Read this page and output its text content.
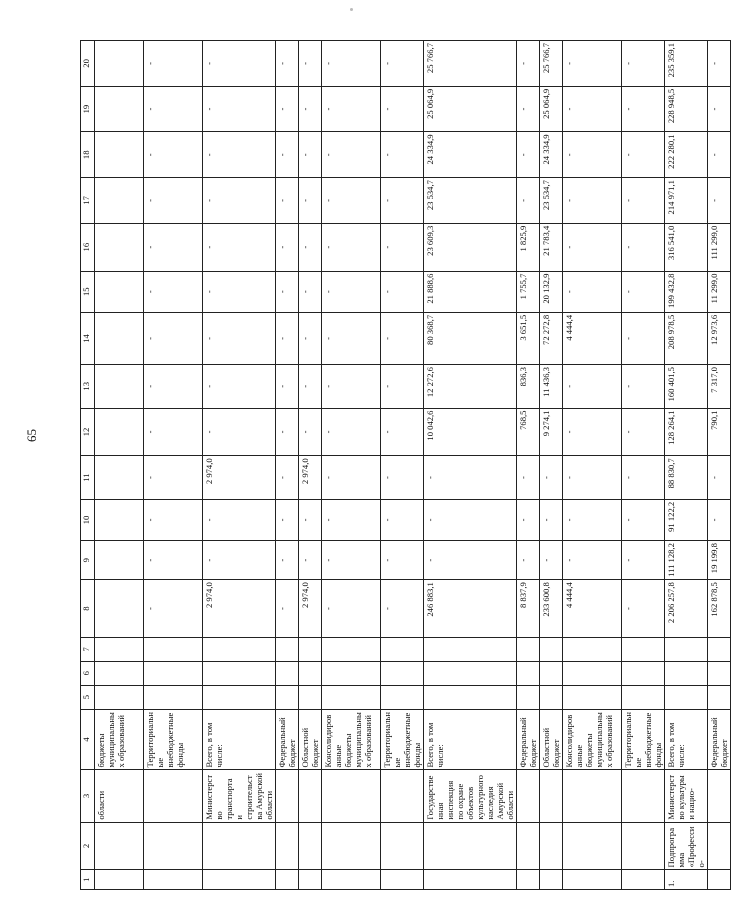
65
1	2	3	4	5	6	7	8	9	10	11	12	13	14	15	16	17	18	19	20
		области	бюджеты муниципальных образований																
			Территориальные внебюджетные фонды				-	-	-	-	-	-	-	-	-	-	-	-	-
		Министерство транспорта и строительства Амурской области	Всего, в том числе:				2 974,0	-	-	2 974,0	-	-	-	-	-	-	-	-	-
			Федеральный бюджет				-	-	-	-	-	-	-	-	-	-	-	-	-
			Областной бюджет				2 974,0	-	-	2 974,0	-	-	-	-	-	-	-	-	-
			Консолидированные бюджеты муниципальных образований				-	-	-	-	-	-	-	-	-	-	-	-	-
			Территориальные внебюджетные фонды				-	-	-	-	-	-	-	-	-	-	-	-	-
		Государственная инспекция по охране объектов культурного наследия Амурской области	Всего, в том числе:				246 883,1	-	-	-	10 042,6	12 272,6	80 368,7	21 888,6	23 609,3	23 534,7	24 334,9	25 064,9	25 766,7
			Федеральный бюджет				8 837,9	-	-	-	768,5	836,3	3 651,5	1 755,7	1 825,9	-	-	-	-
			Областной бюджет				233 600,8	-	-	-	9 274,1	11 436,3	72 272,8	20 132,9	21 783,4	23 534,7	24 334,9	25 064,9	25 766,7
			Консолидированные бюджеты муниципальных образований				4 444,4	-	-	-	-	-	4 444,4	-	-	-	-	-	-
			Территориальные внебюджетные фонды				-	-	-	-	-	-	-	-	-	-	-	-	-
1.	Подпрограмма «Профессио-	Министерство культуры и нацио-	Всего, в том числе:				2 206 257,8	111 128,2	91 122,2	88 830,7	128 264,1	160 401,5	208 978,5	199 432,8	316 541,0	214 971,1	222 280,1	228 948,5	235 359,1
			Федеральный бюджет				162 878,5	19 199,8	-	-	790,1	7 317,0	12 973,6	11 299,0	111 299,0	-	-	-	-
